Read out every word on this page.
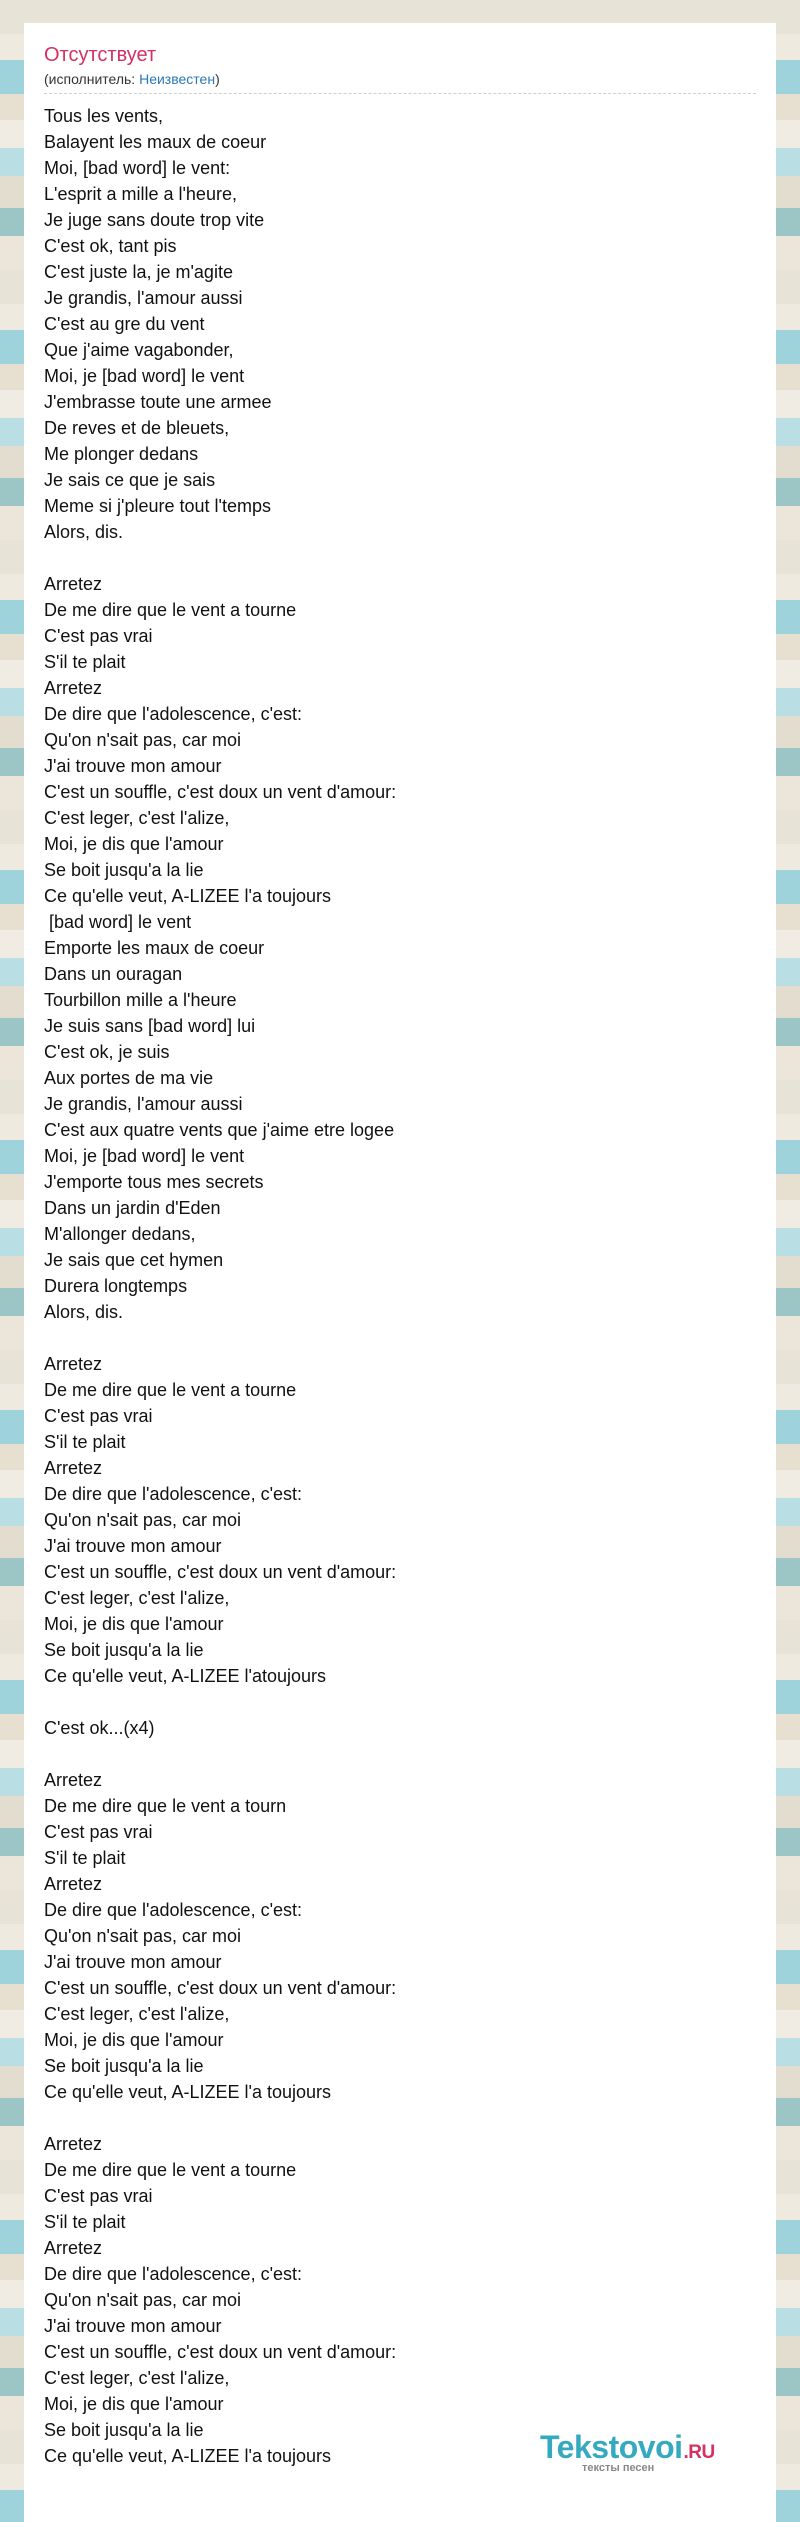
Отсутствует
(исполнитель: Неизвестен)
Tous les vents,
Balayent les maux de coeur
Moi, [bad word] le vent:
L'esprit a mille a l'heure,
Je juge sans doute trop vite
C'est ok, tant pis
C'est juste la, je m'agite
Je grandis, l'amour aussi
C'est au gre du vent
Que j'aime vagabonder,
Moi, je [bad word] le vent
J'embrasse toute une armee
De reves et de bleuets,
Me plonger dedans
Je sais ce que je sais
Meme si j'pleure tout l'temps
Alors, dis.

Arretez
De me dire que le vent a tourne
C'est pas vrai
S'il te plait
Arretez
De dire que l'adolescence, c'est:
Qu'on n'sait pas, car moi
J'ai trouve mon amour
C'est un souffle, c'est doux un vent d'amour:
C'est leger, c'est l'alize,
Moi, je dis que l'amour
Se boit jusqu'a la lie
Ce qu'elle veut, A-LIZEE l'a toujours
[bad word] le vent
Emporte les maux de coeur
Dans un ouragan
Tourbillon mille a l'heure
Je suis sans [bad word] lui
C'est ok, je suis
Aux portes de ma vie
Je grandis, l'amour aussi
C'est aux quatre vents que j'aime etre logee
Moi, je [bad word] le vent
J'emporte tous mes secrets
Dans un jardin d'Eden
M'allonger dedans,
Je sais que cet hymen
Durera longtemps
Alors, dis.

Arretez
De me dire que le vent a tourne
C'est pas vrai
S'il te plait
Arretez
De dire que l'adolescence, c'est:
Qu'on n'sait pas, car moi
J'ai trouve mon amour
C'est un souffle, c'est doux un vent d'amour:
C'est leger, c'est l'alize,
Moi, je dis que l'amour
Se boit jusqu'a la lie
Ce qu'elle veut, A-LIZEE l'atoujours

C'est ok...(x4)

Arretez
De me dire que le vent a tourn
C'est pas vrai
S'il te plait
Arretez
De dire que l'adolescence, c'est:
Qu'on n'sait pas, car moi
J'ai trouve mon amour
C'est un souffle, c'est doux un vent d'amour:
C'est leger, c'est l'alize,
Moi, je dis que l'amour
Se boit jusqu'a la lie
Ce qu'elle veut, A-LIZEE l'a toujours

Arretez
De me dire que le vent a tourne
C'est pas vrai
S'il te plait
Arretez
De dire que l'adolescence, c'est:
Qu'on n'sait pas, car moi
J'ai trouve mon amour
C'est un souffle, c'est doux un vent d'amour:
C'est leger, c'est l'alize,
Moi, je dis que l'amour
Se boit jusqu'a la lie
Ce qu'elle veut, A-LIZEE l'a toujours	Tekstovoi.RU
тексты песен
